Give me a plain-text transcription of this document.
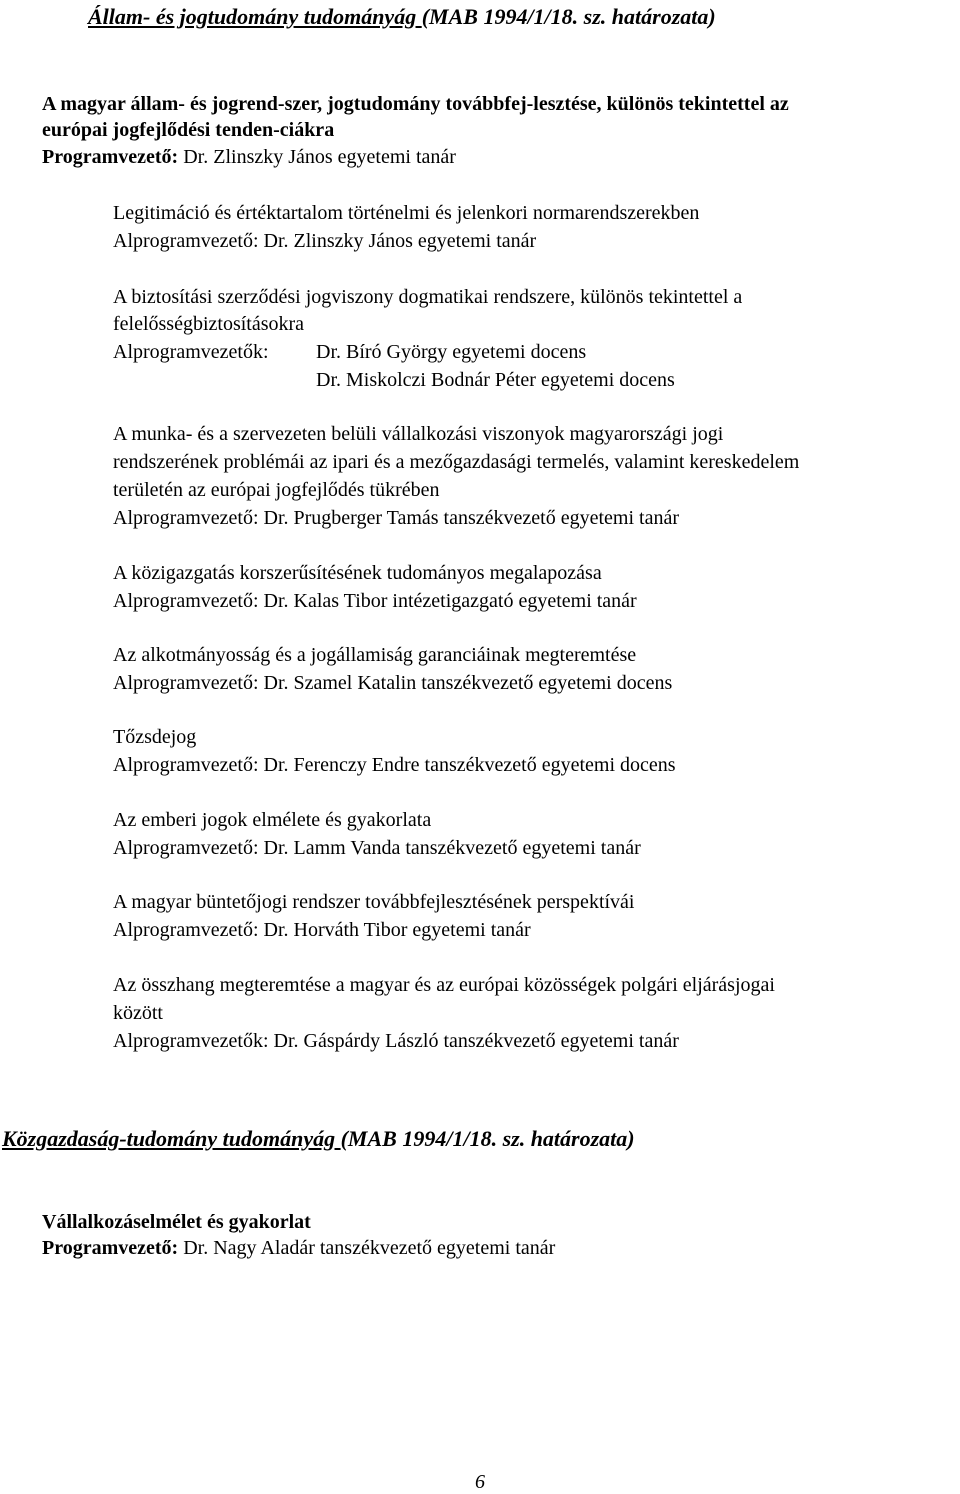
Állam- és jogtudomány tudományág (MAB 1994/1/18. sz. határozata)
A magyar állam- és jogrend-szer, jogtudomány továbbfej-lesztése, különös tekintettel az
európai jogfejlődési tenden-ciákra
Programvezető: Dr. Zlinszky János egyetemi tanár
Legitimáció és értéktartalom történelmi és jelenkori normarendszerekben
Alprogramvezető: Dr. Zlinszky János egyetemi tanár
A biztosítási szerződési jogviszony dogmatikai rendszere, különös tekintettel a
felelősségbiztosításokra
Alprogramvezetők: Dr. Bíró György egyetemi docens
Dr. Miskolczi Bodnár Péter egyetemi docens
A munka- és a szervezeten belüli vállalkozási viszonyok magyarországi jogi
rendszerének problémái az ipari és a mezőgazdasági termelés, valamint kereskedelem
területén az európai jogfejlődés tükrében
Alprogramvezető: Dr. Prugberger Tamás tanszékvezető egyetemi tanár
A közigazgatás korszerűsítésének tudományos megalapozása
Alprogramvezető: Dr. Kalas Tibor intézetigazgató egyetemi tanár
Az alkotmányosság és a jogállamiság garanciáinak megteremtése
Alprogramvezető: Dr. Szamel Katalin tanszékvezető egyetemi docens
Tőzsdejog
Alprogramvezető: Dr. Ferenczy Endre tanszékvezető egyetemi docens
Az emberi jogok elmélete és gyakorlata
Alprogramvezető: Dr. Lamm Vanda tanszékvezető egyetemi tanár
A magyar büntetőjogi rendszer továbbfejlesztésének perspektívái
Alprogramvezető: Dr. Horváth Tibor egyetemi tanár
Az összhang megteremtése a magyar és az európai közösségek polgári eljárásjogai
között
Alprogramvezetők: Dr. Gáspárdy László tanszékvezető egyetemi tanár
Közgazdaság-tudomány tudományág (MAB 1994/1/18. sz. határozata)
Vállalkozáselmélet és gyakorlat
Programvezető: Dr. Nagy Aladár tanszékvezető egyetemi tanár
6
